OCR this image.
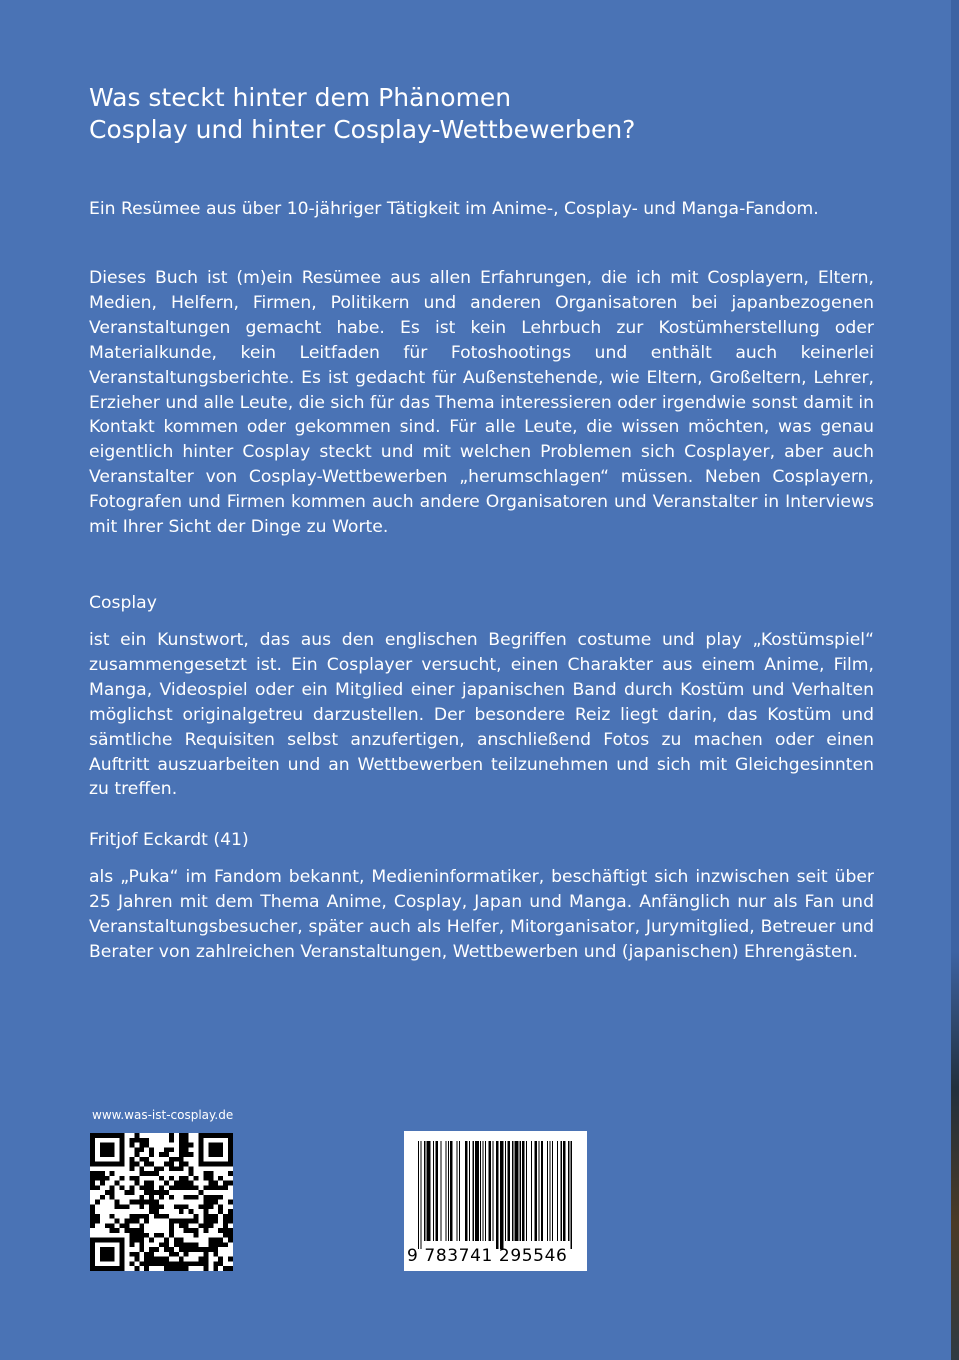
Was steckt hinter dem Phänomen
Cosplay und hinter Cosplay-Wettbewerben?

Ein Resümee aus über 10-jähriger Tätigkeit im Anime-, Cosplay- und Manga-Fandom.

Dieses Buch ist (m)ein Resümee aus allen Erfahrungen, die ich mit Cosplayern, Eltern, Medien, Helfern, Firmen, Politikern und anderen Organisatoren bei japanbezogenen Veranstaltungen gemacht habe. Es ist kein Lehrbuch zur Kostümherstellung oder Materialkunde, kein Leitfaden für Fotoshootings und enthält auch keinerlei Veranstaltungsberichte. Es ist gedacht für Außenstehende, wie Eltern, Großeltern, Lehrer, Erzieher und alle Leute, die sich für das Thema interessieren oder irgendwie sonst damit in Kontakt kommen oder gekommen sind. Für alle Leute, die wissen möchten, was genau eigentlich hinter Cosplay steckt und mit welchen Problemen sich Cosplayer, aber auch Veranstalter von Cosplay-Wettbewerben „herumschlagen“ müssen. Neben Cosplayern, Fotografen und Firmen kommen auch andere Organisatoren und Veranstalter in Interviews mit Ihrer Sicht der Dinge zu Worte.

Cosplay

ist ein Kunstwort, das aus den englischen Begriffen costume und play „Kostümspiel“ zusammengesetzt ist. Ein Cosplayer versucht, einen Charakter aus einem Anime, Film, Manga, Videospiel oder ein Mitglied einer japanischen Band durch Kostüm und Verhalten möglichst originalgetreu darzustellen. Der besondere Reiz liegt darin, das Kostüm und sämtliche Requisiten selbst anzufertigen, anschließend Fotos zu machen oder einen Auftritt auszuarbeiten und an Wettbewerben teilzunehmen und sich mit Gleichgesinnten zu treffen.

Fritjof Eckardt (41)

als „Puka“ im Fandom bekannt, Medieninformatiker, beschäftigt sich inzwischen seit über 25 Jahren mit dem Thema Anime, Cosplay, Japan und Manga. Anfänglich nur als Fan und Veranstaltungsbesucher, später auch als Helfer, Mitorganisator, Jurymitglied, Betreuer und Berater von zahlreichen Veranstaltungen, Wettbewerben und (japanischen) Ehrengästen.

www.was-ist-cosplay.de
9 783741 295546
